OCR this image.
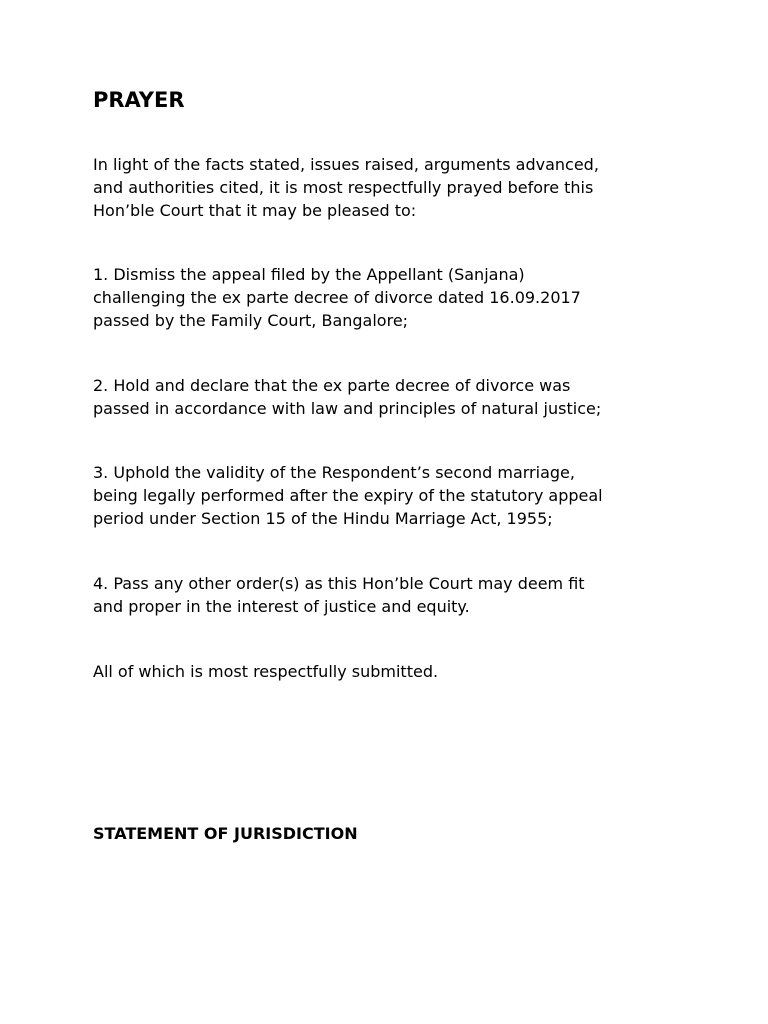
PRAYER

In light of the facts stated, issues raised, arguments advanced,
and authorities cited, it is most respectfully prayed before this
Hon’ble Court that it may be pleased to:

1. Dismiss the appeal filed by the Appellant (Sanjana)
challenging the ex parte decree of divorce dated 16.09.2017
passed by the Family Court, Bangalore;

2. Hold and declare that the ex parte decree of divorce was
passed in accordance with law and principles of natural justice;

3. Uphold the validity of the Respondent’s second marriage,
being legally performed after the expiry of the statutory appeal
period under Section 15 of the Hindu Marriage Act, 1955;

4. Pass any other order(s) as this Hon’ble Court may deem fit
and proper in the interest of justice and equity.

All of which is most respectfully submitted.

STATEMENT OF JURISDICTION
